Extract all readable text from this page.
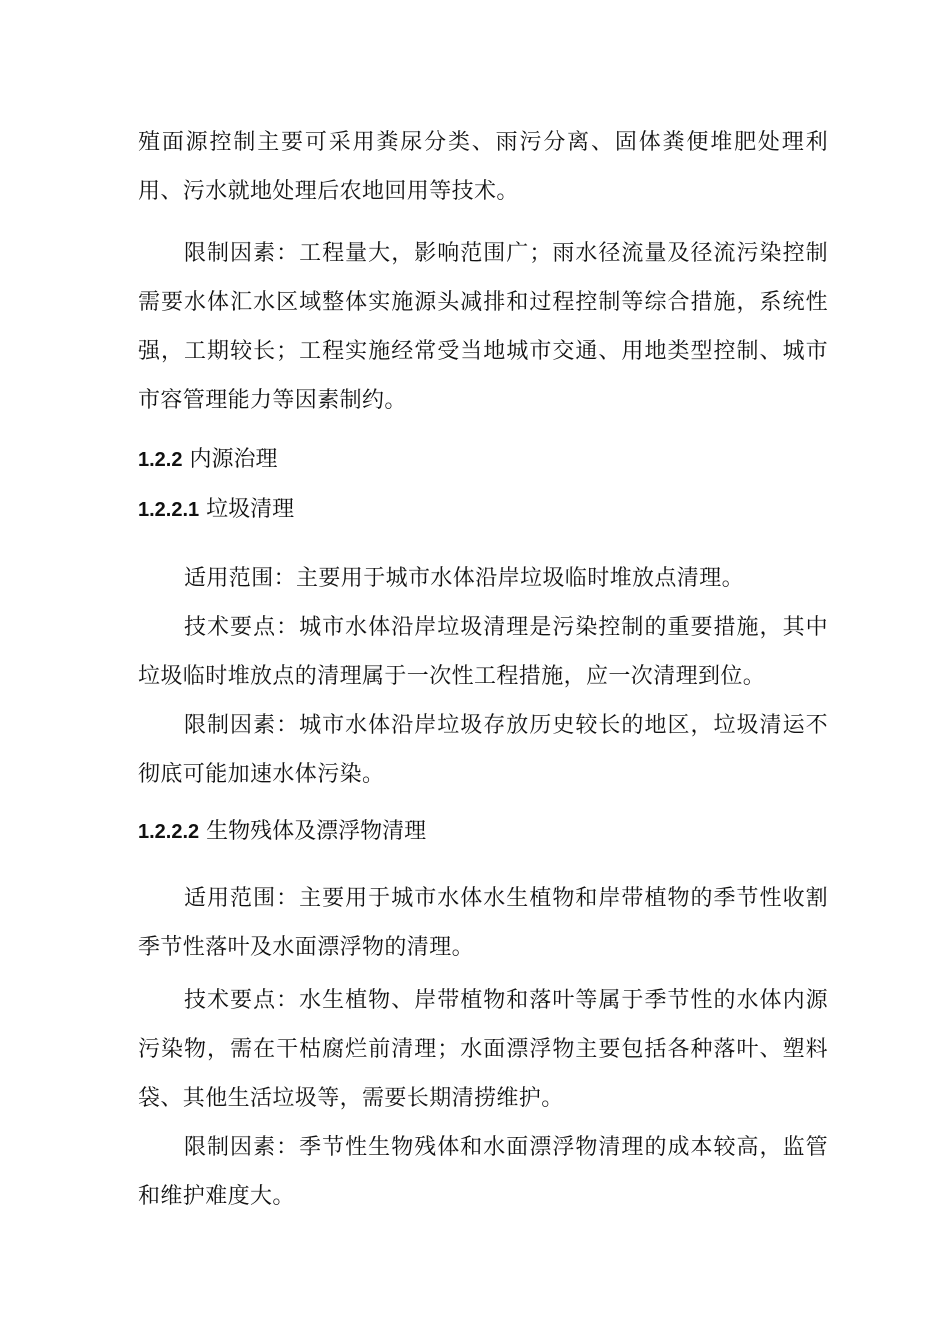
殖面源控制主要可采用粪尿分类、雨污分离、固体粪便堆肥处理利用、污水就地处理后农地回用等技术。

限制因素：工程量大，影响范围广；雨水径流量及径流污染控制需要水体汇水区域整体实施源头减排和过程控制等综合措施，系统性强，工期较长；工程实施经常受当地城市交通、用地类型控制、城市市容管理能力等因素制约。

1.2.2 内源治理
1.2.2.1 垃圾清理

适用范围：主要用于城市水体沿岸垃圾临时堆放点清理。

技术要点：城市水体沿岸垃圾清理是污染控制的重要措施，其中垃圾临时堆放点的清理属于一次性工程措施，应一次清理到位。

限制因素：城市水体沿岸垃圾存放历史较长的地区，垃圾清运不彻底可能加速水体污染。

1.2.2.2 生物残体及漂浮物清理

适用范围：主要用于城市水体水生植物和岸带植物的季节性收割季节性落叶及水面漂浮物的清理。

技术要点：水生植物、岸带植物和落叶等属于季节性的水体内源污染物，需在干枯腐烂前清理；水面漂浮物主要包括各种落叶、塑料袋、其他生活垃圾等，需要长期清捞维护。

限制因素：季节性生物残体和水面漂浮物清理的成本较高，监管和维护难度大。
